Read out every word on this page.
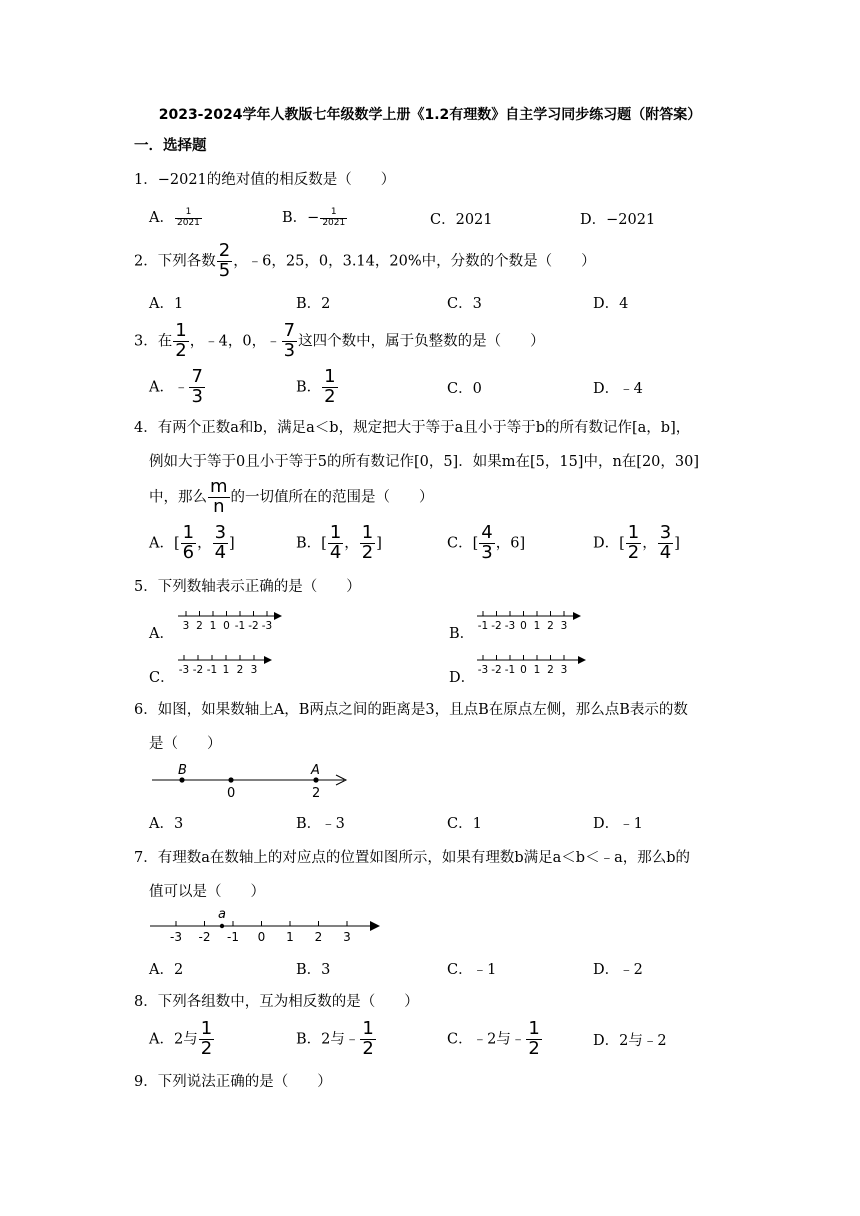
2023-2024学年人教版七年级数学上册《1.2有理数》自主学习同步练习题（附答案）
一．选择题
1．−2021的绝对值的相反数是（　　）
A． $\frac{1}{2021}$	B．− $\frac{1}{2021}$	C．2021	D．−2021
2．下列各数 $\frac{2}{5}$ ，﹣6，25，0，3.14，20%中，分数的个数是（　　）
A．1	B．2	C．3	D．4
3．在 $\frac{1}{2}$ ，﹣4，0，﹣ $\frac{7}{3}$ 这四个数中，属于负整数的是（　　）
A．﹣ $\frac{7}{3}$	B． $\frac{1}{2}$	C．0	D．﹣4
4．有两个正数a和b，满足a＜b，规定把大于等于a且小于等于b的所有数记作[a，b]，
例如大于等于0且小于等于5的所有数记作[0，5]．如果m在[5，15]中，n在[20，30]
中，那么 $\frac{m}{n}$ 的一切值所在的范围是（　　）
A．[ $\frac{1}{6}$ ， $\frac{3}{4}$ ]	B．[ $\frac{1}{4}$ ， $\frac{1}{2}$ ]	C．[ $\frac{4}{3}$ ，6]	D．[ $\frac{1}{2}$ ， $\frac{3}{4}$ ]
5．下列数轴表示正确的是（　　）
A． 3 2 1 0 -1 -2 -3	B． -1 -2 -3 0 1 2 3
C． -3 -2 -1 1 2 3	D． -3 -2 -1 0 1 2 3
6．如图，如果数轴上A，B两点之间的距离是3，且点B在原点左侧，那么点B表示的数
是（　　）
B	A
0	2
A．3	B．﹣3	C．1	D．﹣1
7．有理数a在数轴上的对应点的位置如图所示，如果有理数b满足a＜b＜﹣a，那么b的
值可以是（　　）
-3 -2 -1 0 1 2 3
a
A．2	B．3	C．﹣1	D．﹣2
8．下列各组数中，互为相反数的是（　　）
A．2与 $\frac{1}{2}$	B．2与﹣ $\frac{1}{2}$	C．﹣2与﹣ $\frac{1}{2}$	D．2与﹣2
9．下列说法正确的是（　　）
